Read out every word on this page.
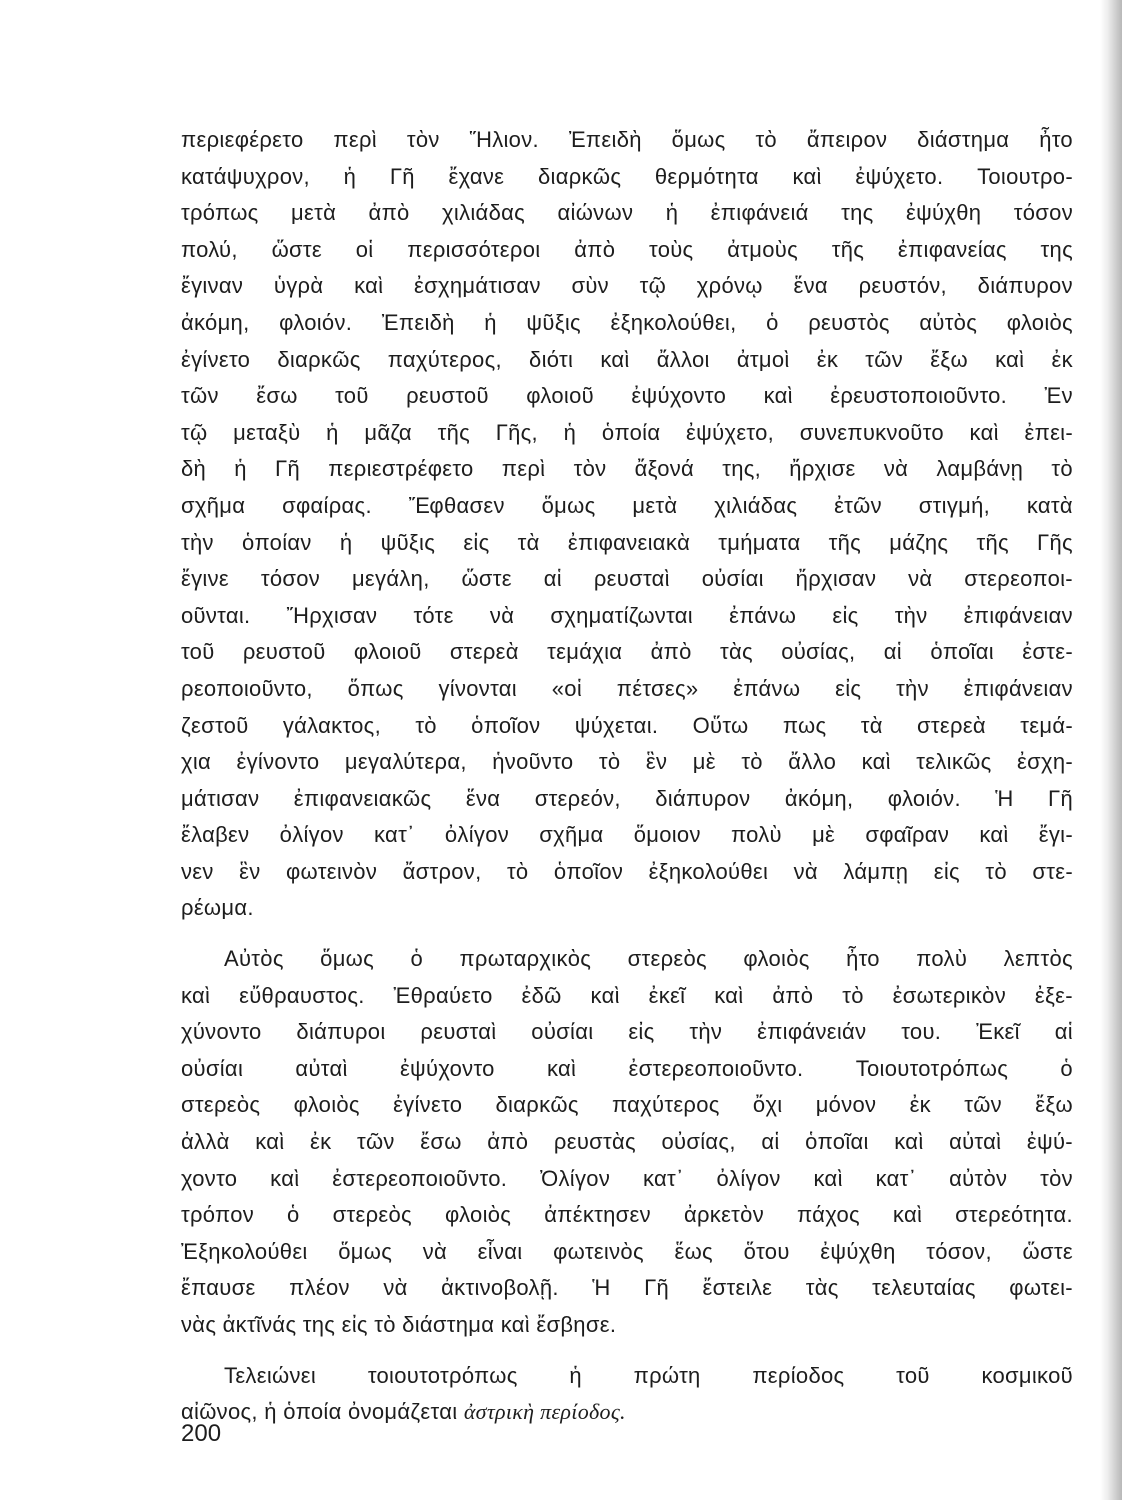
περιεφέρετο περὶ τὸν Ἥλιον. Ἐπειδὴ ὅμως τὸ ἄπειρον διάστημα ἦτο
κατάψυχρον, ἡ Γῆ ἔχανε διαρκῶς θερμότητα καὶ ἐψύχετο. Τοιουτρο-
τρόπως μετὰ ἀπὸ χιλιάδας αἰώνων ἡ ἐπιφάνειά της ἐψύχθη τόσον
πολύ, ὥστε οἱ περισσότεροι ἀπὸ τοὺς ἀτμοὺς τῆς ἐπιφανείας της
ἔγιναν ὑγρὰ καὶ ἐσχημάτισαν σὺν τῷ χρόνῳ ἕνα ρευστόν, διάπυρον
ἀκόμη, φλοιόν. Ἐπειδὴ ἡ ψῦξις ἐξηκολούθει, ὁ ρευστὸς αὐτὸς φλοιὸς
ἐγίνετο διαρκῶς παχύτερος, διότι καὶ ἄλλοι ἀτμοὶ ἐκ τῶν ἔξω καὶ ἐκ
τῶν ἔσω τοῦ ρευστοῦ φλοιοῦ ἐψύχοντο καὶ ἐρευστοποιοῦντο. Ἐν
τῷ μεταξὺ ἡ μᾶζα τῆς Γῆς, ἡ ὁποία ἐψύχετο, συνεπυκνοῦτο καὶ ἐπει-
δὴ ἡ Γῆ περιεστρέφετο περὶ τὸν ἄξονά της, ἤρχισε νὰ λαμβάνῃ τὸ
σχῆμα σφαίρας. Ἔφθασεν ὅμως μετὰ χιλιάδας ἐτῶν στιγμή, κατὰ
τὴν ὁποίαν ἡ ψῦξις εἰς τὰ ἐπιφανειακὰ τμήματα τῆς μάζης τῆς Γῆς
ἔγινε τόσον μεγάλη, ὥστε αἱ ρευσταὶ οὐσίαι ἤρχισαν νὰ στερεοποι-
οῦνται. Ἤρχισαν τότε νὰ σχηματίζωνται ἐπάνω εἰς τὴν ἐπιφάνειαν
τοῦ ρευστοῦ φλοιοῦ στερεὰ τεμάχια ἀπὸ τὰς οὐσίας, αἱ ὁποῖαι ἐστε-
ρεοποιοῦντο, ὅπως γίνονται «οἱ πέτσες» ἐπάνω εἰς τὴν ἐπιφάνειαν
ζεστοῦ γάλακτος, τὸ ὁποῖον ψύχεται. Οὕτω πως τὰ στερεὰ τεμά-
χια ἐγίνοντο μεγαλύτερα, ἡνοῦντο τὸ ἓν μὲ τὸ ἄλλο καὶ τελικῶς ἐσχη-
μάτισαν ἐπιφανειακῶς ἕνα στερεόν, διάπυρον ἀκόμη, φλοιόν. Ἡ Γῆ
ἔλαβεν ὀλίγον κατ᾽ ὀλίγον σχῆμα ὅμοιον πολὺ μὲ σφαῖραν καὶ ἔγι-
νεν ἓν φωτεινὸν ἄστρον, τὸ ὁποῖον ἐξηκολούθει νὰ λάμπῃ εἰς τὸ στε-
ρέωμα.
Αὐτὸς ὅμως ὁ πρωταρχικὸς στερεὸς φλοιὸς ἦτο πολὺ λεπτὸς
καὶ εὔθραυστος. Ἐθραύετο ἐδῶ καὶ ἐκεῖ καὶ ἀπὸ τὸ ἐσωτερικὸν ἐξε-
χύνοντο διάπυροι ρευσταὶ οὐσίαι εἰς τὴν ἐπιφάνειάν του. Ἐκεῖ αἱ
οὐσίαι αὐταὶ ἐψύχοντο καὶ ἐστερεοποιοῦντο. Τοιουτοτρόπως ὁ
στερεὸς φλοιὸς ἐγίνετο διαρκῶς παχύτερος ὄχι μόνον ἐκ τῶν ἔξω
ἀλλὰ καὶ ἐκ τῶν ἔσω ἀπὸ ρευστὰς οὐσίας, αἱ ὁποῖαι καὶ αὐταὶ ἐψύ-
χοντο καὶ ἐστερεοποιοῦντο. Ὀλίγον κατ᾽ ὀλίγον καὶ κατ᾽ αὐτὸν τὸν
τρόπον ὁ στερεὸς φλοιὸς ἀπέκτησεν ἀρκετὸν πάχος καὶ στερεότητα.
Ἐξηκολούθει ὅμως νὰ εἶναι φωτεινὸς ἕως ὅτου ἐψύχθη τόσον, ὥστε
ἔπαυσε πλέον νὰ ἀκτινοβολῇ. Ἡ Γῆ ἔστειλε τὰς τελευταίας φωτει-
νὰς ἀκτῖνάς της εἰς τὸ διάστημα καὶ ἔσβησε.
Τελειώνει τοιουτοτρόπως ἡ πρώτη περίοδος τοῦ κοσμικοῦ
αἰῶνος, ἡ ὁποία ὀνομάζεται ἀστρικὴ περίοδος.
200
